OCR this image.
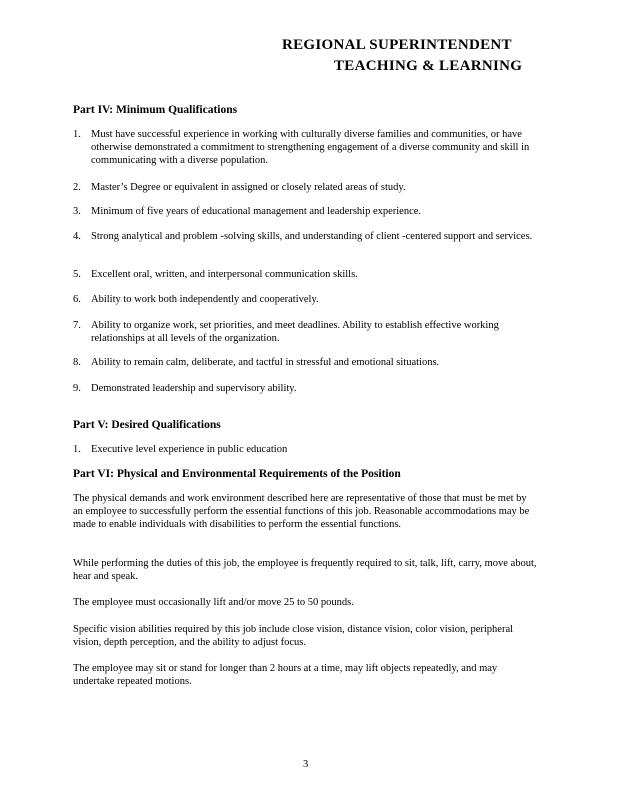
REGIONAL SUPERINTENDENT
TEACHING & LEARNING
Part IV: Minimum Qualifications
1. Must have successful experience in working with culturally diverse families and communities, or have otherwise demonstrated a commitment to strengthening engagement of a diverse community and skill in communicating with a diverse population.
2. Master’s Degree or equivalent in assigned or closely related areas of study.
3. Minimum of five years of educational management and leadership experience.
4. Strong analytical and problem -solving skills, and understanding of client -centered support and services.
5. Excellent oral, written, and interpersonal communication skills.
6. Ability to work both independently and cooperatively.
7. Ability to organize work, set priorities, and meet deadlines. Ability to establish effective working relationships at all levels of the organization.
8. Ability to remain calm, deliberate, and tactful in stressful and emotional situations.
9. Demonstrated leadership and supervisory ability.
Part V: Desired Qualifications
1. Executive level experience in public education
Part VI: Physical and Environmental Requirements of the Position
The physical demands and work environment described here are representative of those that must be met by an employee to successfully perform the essential functions of this job. Reasonable accommodations may be made to enable individuals with disabilities to perform the essential functions.
While performing the duties of this job, the employee is frequently required to sit, talk, lift, carry, move about, hear and speak.
The employee must occasionally lift and/or move 25 to 50 pounds.
Specific vision abilities required by this job include close vision, distance vision, color vision, peripheral vision, depth perception, and the ability to adjust focus.
The employee may sit or stand for longer than 2 hours at a time, may lift objects repeatedly, and may undertake repeated motions.
3
